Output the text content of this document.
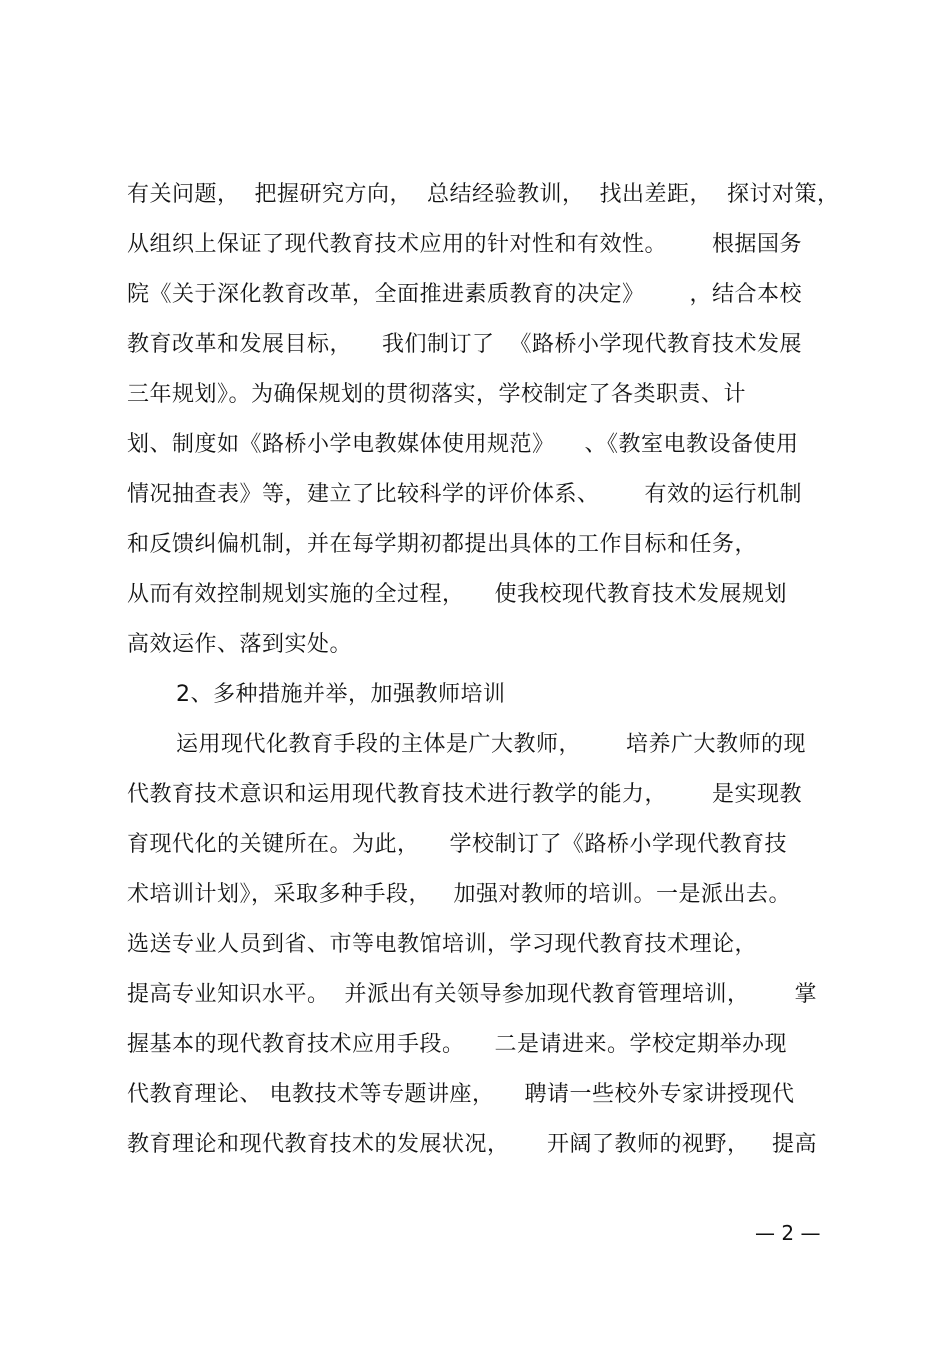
有关问题，  把握研究方向，  总结经验教训，  找出差距，  探讨对策，
从组织上保证了现代教育技术应用的针对性和有效性。      根据国务
院《关于深化教育改革，全面推进素质教育的决定》      ，结合本校
教育改革和发展目标，    我们制订了  《路桥小学现代教育技术发展
三年规划》。为确保规划的贯彻落实，学校制定了各类职责、计
划、制度如《路桥小学电教媒体使用规范》    、《教室电教设备使用
情况抽查表》等，建立了比较科学的评价体系、      有效的运行机制
和反馈纠偏机制，并在每学期初都提出具体的工作目标和任务，
从而有效控制规划实施的全过程，    使我校现代教育技术发展规划
高效运作、落到实处。
2、多种措施并举，加强教师培训
运用现代化教育手段的主体是广大教师，      培养广大教师的现
代教育技术意识和运用现代教育技术进行教学的能力，      是实现教
育现代化的关键所在。为此，    学校制订了《路桥小学现代教育技
术培训计划》，采取多种手段，   加强对教师的培训。一是派出去。
选送专业人员到省、市等电教馆培训，学习现代教育技术理论，
提高专业知识水平。  并派出有关领导参加现代教育管理培训，      掌
握基本的现代教育技术应用手段。    二是请进来。学校定期举办现
代教育理论、 电教技术等专题讲座，    聘请一些校外专家讲授现代
教育理论和现代教育技术的发展状况，     开阔了教师的视野，   提高
— 2 —
